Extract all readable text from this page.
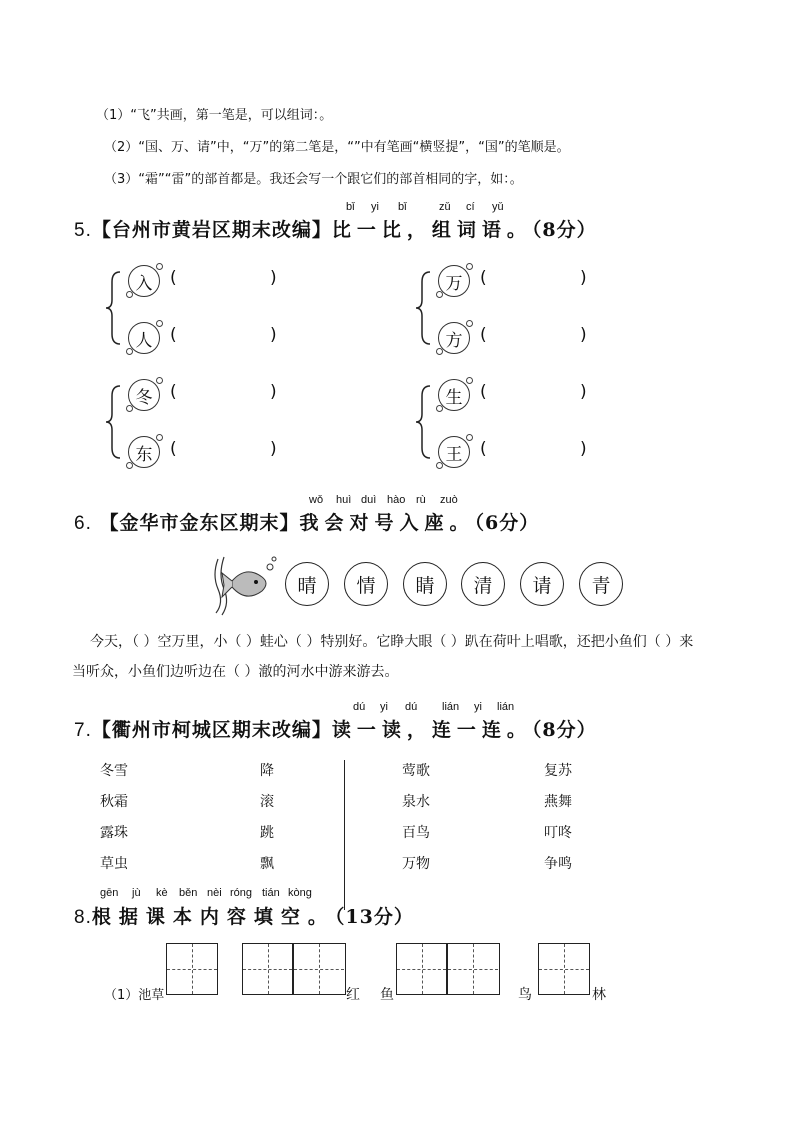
（1）“飞”共画，第一笔是，可以组词：。
（2）“国、万、请”中，“万”的第二笔是，“”中有笔画“横竖提”，“国”的笔顺是。
（3）“霜”“雷”的部首都是。我还会写一个跟它们的部首相同的字，如：。
bǐ yi bǐ	zǔ cí yǔ
5.【台州市黄岩区期末改编】比一比，组词语。（8分）
入 (	)
人 (	)
万 (	)
方 (	)
冬 (	)
东 (	)
生 (	)
王 (	)
wǒ huì duì hào rù zuò
6. 【金华市金东区期末】我会对号入座。（6分）
晴 情 睛 清 请 青
今天，（ ）空万里，小（ ）蛙心（ ）特别好。它睁大眼（ ）趴在荷叶上唱歌，还把小鱼们（ ）来
当听众，小鱼们边听边在（ ）澈的河水中游来游去。
dú yi dú lián yi lián
7.【衢州市柯城区期末改编】读一读，连一连。（8分）
冬雪
秋霜
露珠
草虫
降
滚
跳
飘
莺歌
泉水
百鸟
万物
复苏
燕舞
叮咚
争鸣
gēn jù kè běn nèi róng tián kòng
8.根据课本内容填空。（13分）
（1）池草	红 鱼	鸟	林
